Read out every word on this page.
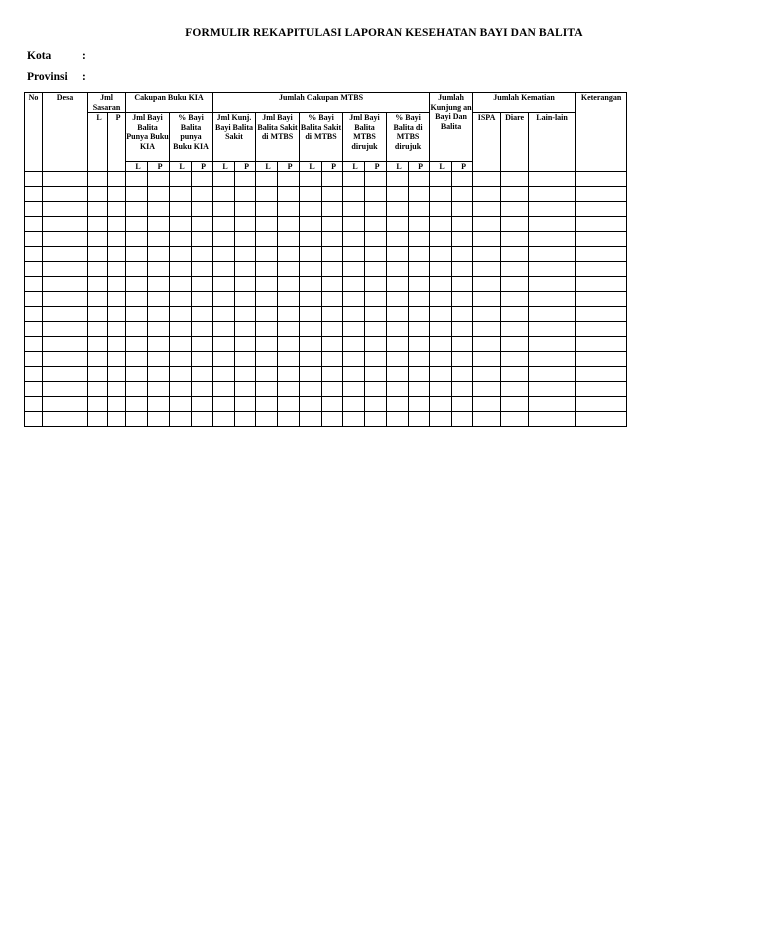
FORMULIR REKAPITULASI LAPORAN KESEHATAN BAYI DAN BALITA
Kota	:
Provinsi :
No	Desa	Jml Sasaran		Cakupan Buku KIA				Jumlah Cakupan MTBS										Jumlah Kunjung an Bayi Dan Balita		Jumlah Kematian			Keterangan
		L	P	Jml Bayi Balita Punya Buku KIA		% Bayi Balita punya Buku KIA		Jml Kunj. Bayi Balita Sakit		Jml Bayi Balita Sakit di MTBS		% Bayi Balita Sakit di MTBS		Jml Bayi Balita MTBS dirujuk		% Bayi Balita di MTBS dirujuk				ISPA	Diare	Lain-lain	
				L	P	L	P	L	P	L	P	L	P	L	P	L	P	L	P				
